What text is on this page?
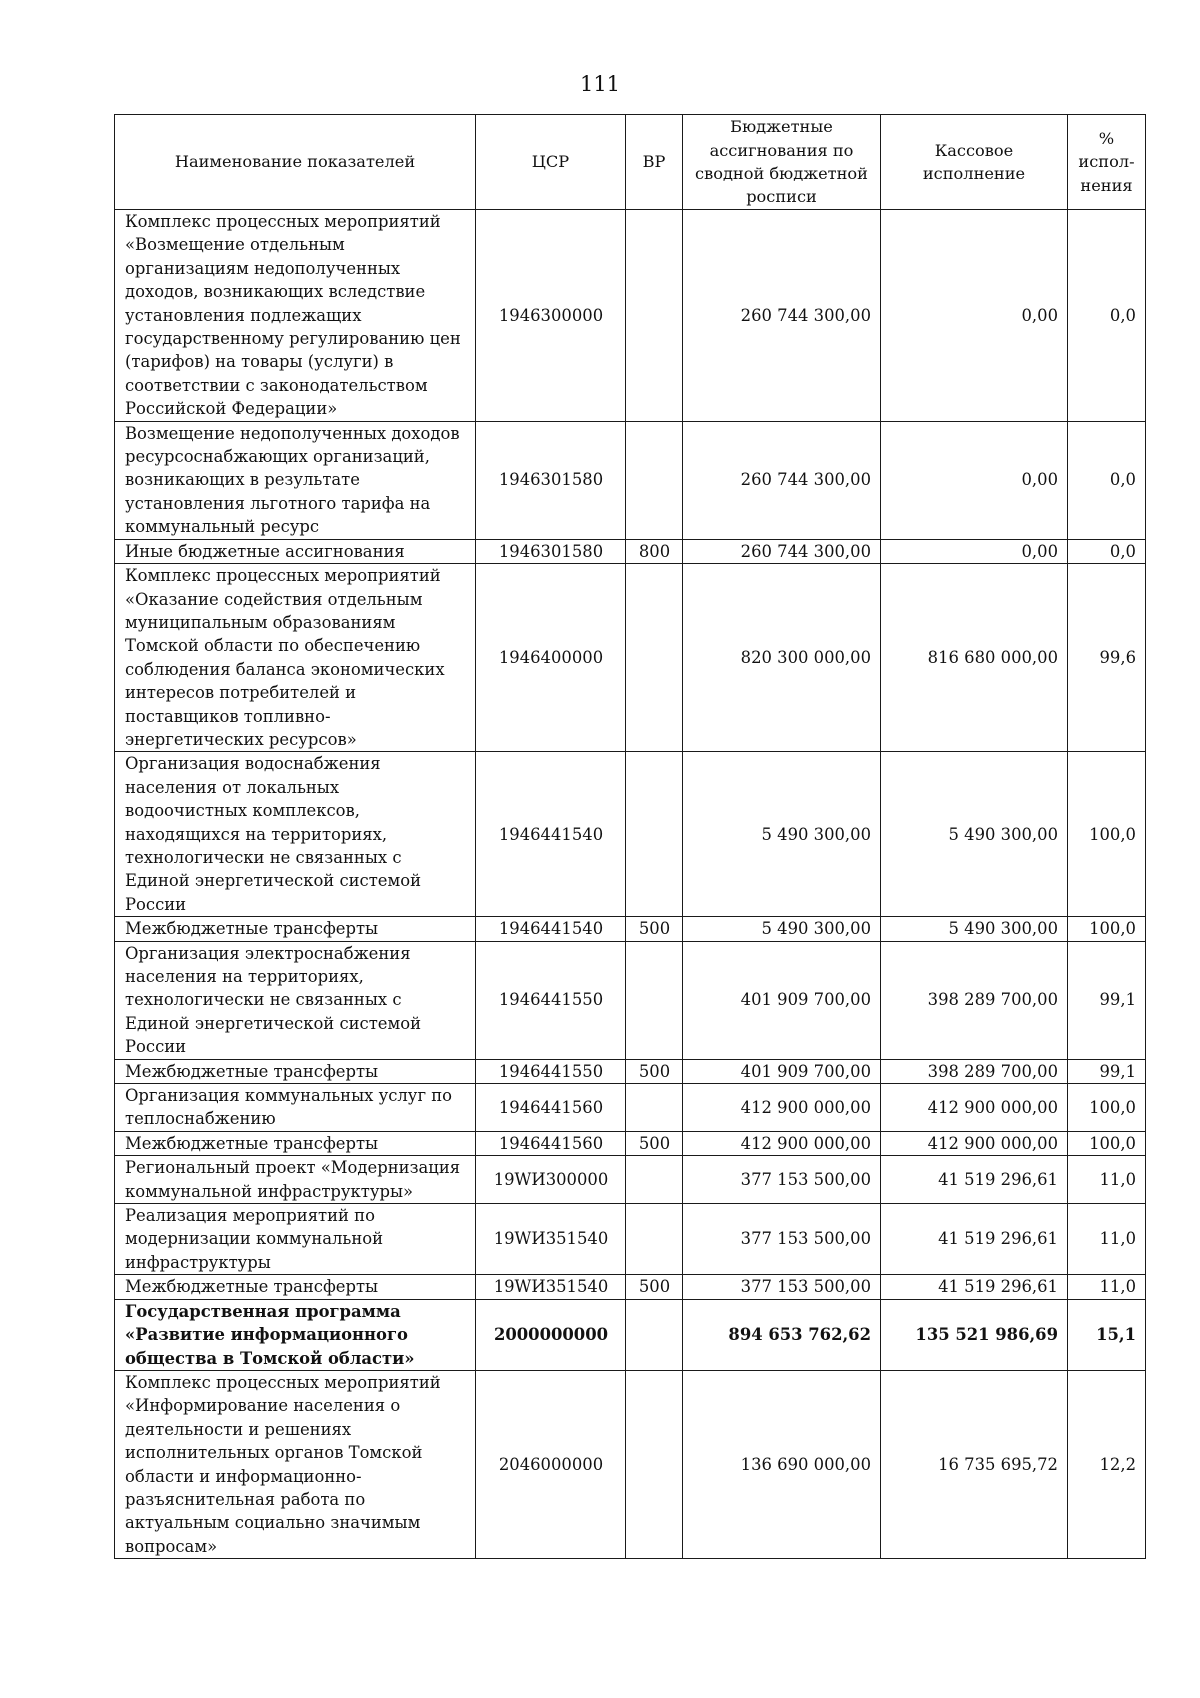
111
Наименование показателей	ЦСР	ВР	Бюджетные ассигнования по сводной бюджетной росписи	Кассовое исполнение	% испол-нения
Комплекс процессных мероприятий «Возмещение отдельным организациям недополученных доходов, возникающих вследствие установления подлежащих государственному регулированию цен (тарифов) на товары (услуги) в соответствии с законодательством Российской Федерации»	1946300000		260 744 300,00	0,00	0,0
Возмещение недополученных доходов ресурсоснабжающих организаций, возникающих в результате установления льготного тарифа на коммунальный ресурс	1946301580		260 744 300,00	0,00	0,0
Иные бюджетные ассигнования	1946301580	800	260 744 300,00	0,00	0,0
Комплекс процессных мероприятий «Оказание содействия отдельным муниципальным образованиям Томской области по обеспечению соблюдения баланса экономических интересов потребителей и поставщиков топливно-энергетических ресурсов»	1946400000		820 300 000,00	816 680 000,00	99,6
Организация водоснабжения населения от локальных водоочистных комплексов, находящихся на территориях, технологически не связанных с Единой энергетической системой России	1946441540		5 490 300,00	5 490 300,00	100,0
Межбюджетные трансферты	1946441540	500	5 490 300,00	5 490 300,00	100,0
Организация электроснабжения населения на территориях, технологически не связанных с Единой энергетической системой России	1946441550		401 909 700,00	398 289 700,00	99,1
Межбюджетные трансферты	1946441550	500	401 909 700,00	398 289 700,00	99,1
Организация коммунальных услуг по теплоснабжению	1946441560		412 900 000,00	412 900 000,00	100,0
Межбюджетные трансферты	1946441560	500	412 900 000,00	412 900 000,00	100,0
Региональный проект «Модернизация коммунальной инфраструктуры»	19WИ300000		377 153 500,00	41 519 296,61	11,0
Реализация мероприятий по модернизации коммунальной инфраструктуры	19WИ351540		377 153 500,00	41 519 296,61	11,0
Межбюджетные трансферты	19WИ351540	500	377 153 500,00	41 519 296,61	11,0
Государственная программа «Развитие информационного общества в Томской области»	2000000000		894 653 762,62	135 521 986,69	15,1
Комплекс процессных мероприятий «Информирование населения о деятельности и решениях исполнительных органов Томской области и информационно-разъяснительная работа по актуальным социально значимым вопросам»	2046000000		136 690 000,00	16 735 695,72	12,2
